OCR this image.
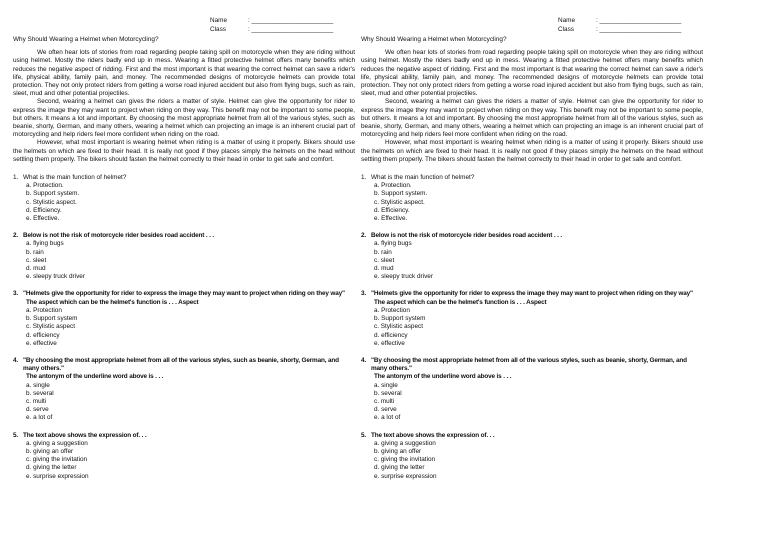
Name	: _______________________
Class	: _______________________
Why Should Wearing a Helmet when Motorcycling?

We often hear lots of stories from road regarding people taking spill on motorcycle when they are riding without using helmet. Mostly the riders badly end up in mess. Wearing a fitted protective helmet offers many benefits which reduces the negative aspect of ridding. First and the most important is that wearing the correct helmet can save a rider's life, physical ability, family pain, and money. The recommended designs of motorcycle helmets can provide total protection. They not only protect riders from getting a worse road injured accident but also from flying bugs, such as rain, sleet, mud and other potential projectiles.

Second, wearing a helmet can gives the riders a matter of style. Helmet can give the opportunity for rider to express the image they may want to project when riding on they way. This benefit may not be important to some people, but others. It means a lot and important. By choosing the most appropriate helmet from all of the various styles, such as beanie, shorty, German, and many others, wearing a helmet which can projecting an image is an inherent crucial part of motorcycling and help riders feel more confident when riding on the road.

However, what most important is wearing helmet when riding is a matter of using it properly. Bikers should use the helmets on which are fixed to their head. It is really not good if they places simply the helmets on the head without settling them properly. The bikers should fasten the helmet correctly to their head in order to get safe and comfort.

1. What is the main function of helmet?
a. Protection.
b. Support system.
c. Stylistic aspect.
d. Efficiency.
e. Effective.
2. Below is not the risk of motorcycle rider besides road accident . . .
a. flying bugs
b. rain
c. sleet
d. mud
e. sleepy truck driver
3. "Helmets give the opportunity for rider to express the image they may want to project when riding on they way"
The aspect which can be the helmet's function is . . . Aspect
a. Protection
b. Support system
c. Stylistic aspect
d. efficiency
e. effective
4. "By choosing the most appropriate helmet from all of the various styles, such as beanie, shorty, German, and many others."
The antonym of the underline word above is . . .
a. single
b. several
c. multi
d. serve
e. a lot of
5. The text above shows the expression of. . .
a. giving a suggestion
b. giving an offer
c. giving the invitation
d. giving the letter
e. surprise expression
Name	: _______________________
Class	: _______________________
Why Should Wearing a Helmet when Motorcycling?

We often hear lots of stories from road regarding people taking spill on motorcycle when they are riding without using helmet. Mostly the riders badly end up in mess. Wearing a fitted protective helmet offers many benefits which reduces the negative aspect of ridding. First and the most important is that wearing the correct helmet can save a rider's life, physical ability, family pain, and money. The recommended designs of motorcycle helmets can provide total protection. They not only protect riders from getting a worse road injured accident but also from flying bugs, such as rain, sleet, mud and other potential projectiles.

Second, wearing a helmet can gives the riders a matter of style. Helmet can give the opportunity for rider to express the image they may want to project when riding on they way. This benefit may not be important to some people, but others. It means a lot and important. By choosing the most appropriate helmet from all of the various styles, such as beanie, shorty, German, and many others, wearing a helmet which can projecting an image is an inherent crucial part of motorcycling and help riders feel more confident when riding on the road.

However, what most important is wearing helmet when riding is a matter of using it properly. Bikers should use the helmets on which are fixed to their head. It is really not good if they places simply the helmets on the head without settling them properly. The bikers should fasten the helmet correctly to their head in order to get safe and comfort.

1. What is the main function of helmet?
a. Protection.
b. Support system.
c. Stylistic aspect.
d. Efficiency.
e. Effective.
2. Below is not the risk of motorcycle rider besides road accident . . .
a. flying bugs
b. rain
c. sleet
d. mud
e. sleepy truck driver
3. "Helmets give the opportunity for rider to express the image they may want to project when riding on they way"
The aspect which can be the helmet's function is . . . Aspect
a. Protection
b. Support system
c. Stylistic aspect
d. efficiency
e. effective
4. "By choosing the most appropriate helmet from all of the various styles, such as beanie, shorty, German, and many others."
The antonym of the underline word above is . . .
a. single
b. several
c. multi
d. serve
e. a lot of
5. The text above shows the expression of. . .
a. giving a suggestion
b. giving an offer
c. giving the invitation
d. giving the letter
e. surprise expression
